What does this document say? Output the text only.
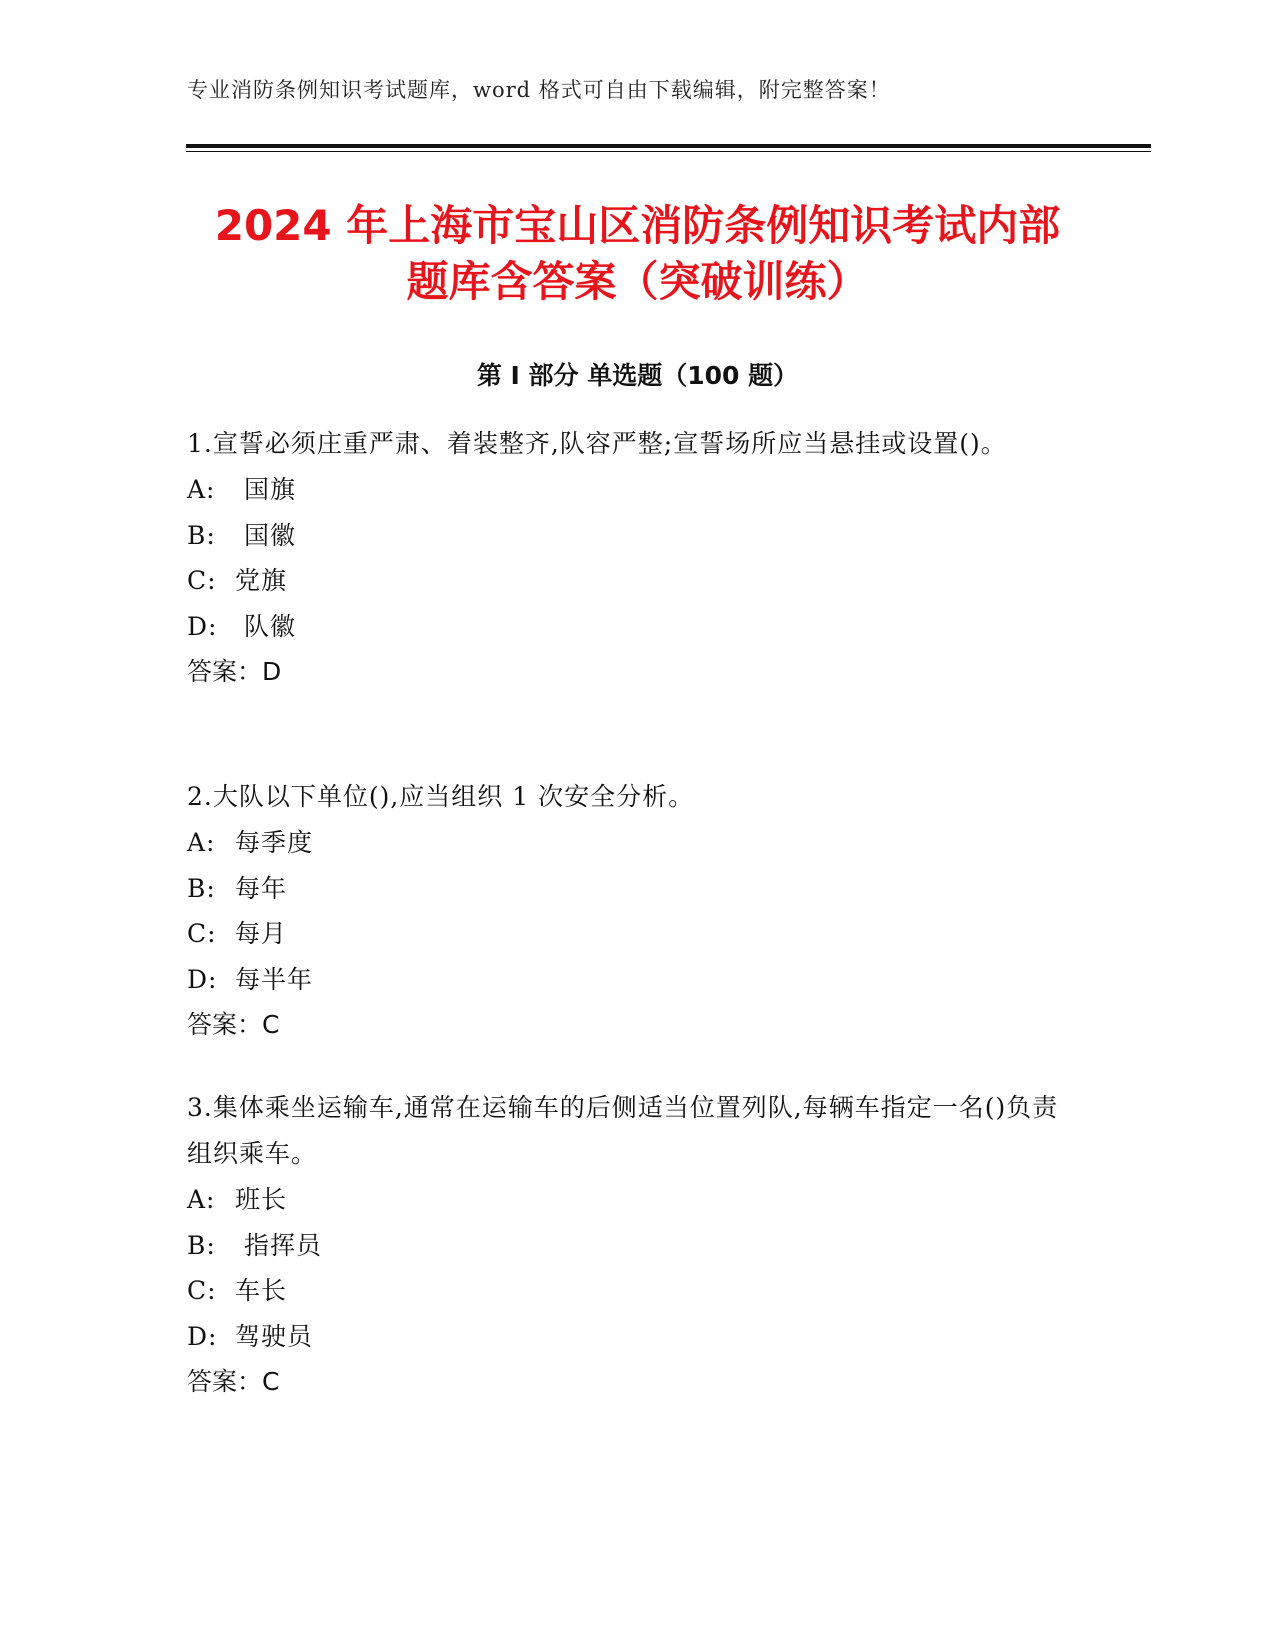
专业消防条例知识考试题库，word 格式可自由下载编辑，附完整答案！
2024 年上海市宝山区消防条例知识考试内部
题库含答案（突破训练）
第 I 部分 单选题（100 题）
1.宣誓必须庄重严肃、着装整齐,队容严整;宣誓场所应当悬挂或设置()。
A: 国旗
B: 国徽
C: 党旗
D: 队徽
答案：D
2.大队以下单位(),应当组织 1 次安全分析。
A: 每季度
B: 每年
C: 每月
D: 每半年
答案：C
3.集体乘坐运输车,通常在运输车的后侧适当位置列队,每辆车指定一名()负责组织乘车。
A: 班长
B: 指挥员
C: 车长
D: 驾驶员
答案：C
